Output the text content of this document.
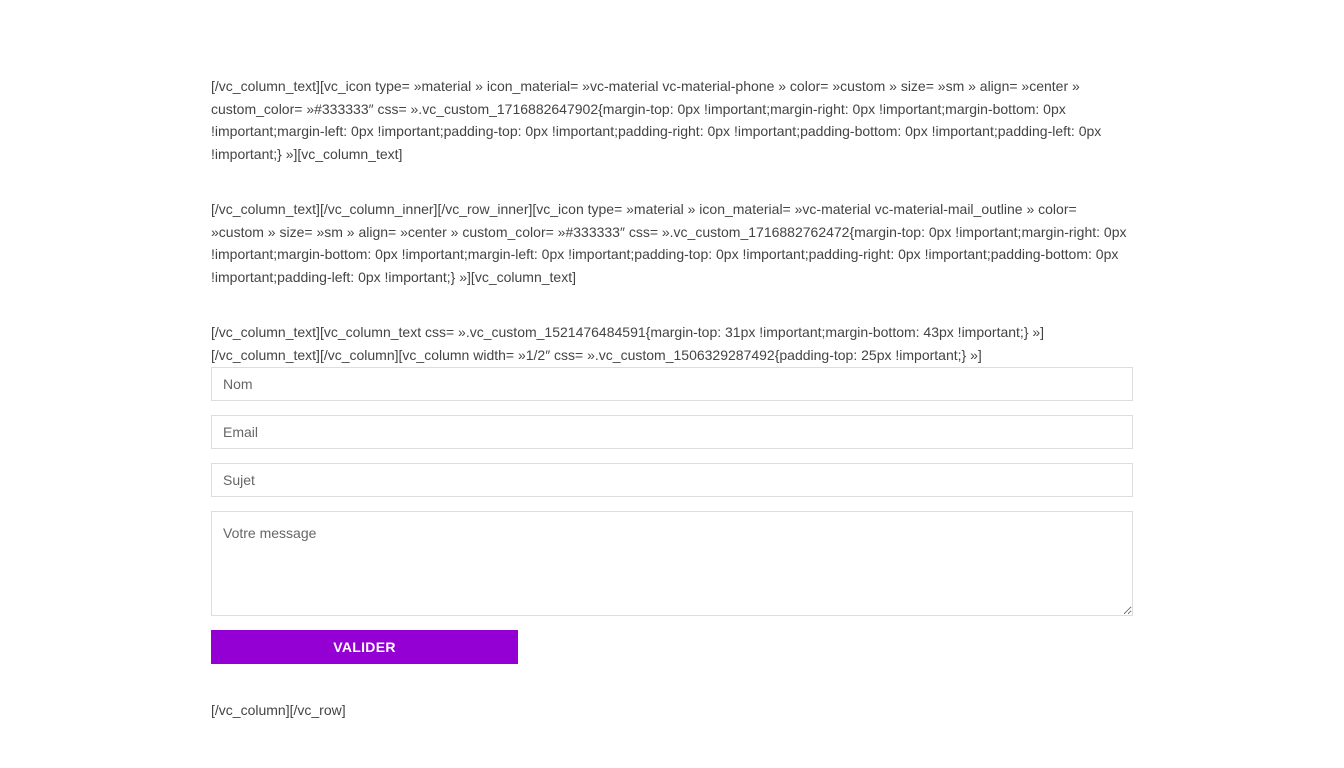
[/vc_column_text][vc_icon type= »material » icon_material= »vc-material vc-material-phone » color= »custom » size= »sm » align= »center » custom_color= »#333333″ css= ».vc_custom_1716882647902{margin-top: 0px !important;margin-right: 0px !important;margin-bottom: 0px !important;margin-left: 0px !important;padding-top: 0px !important;padding-right: 0px !important;padding-bottom: 0px !important;padding-left: 0px !important;} »][vc_column_text]

[/vc_column_text][/vc_column_inner][/vc_row_inner][vc_icon type= »material » icon_material= »vc-material vc-material-mail_outline » color= »custom » size= »sm » align= »center » custom_color= »#333333″ css= ».vc_custom_1716882762472{margin-top: 0px !important;margin-right: 0px !important;margin-bottom: 0px !important;margin-left: 0px !important;padding-top: 0px !important;padding-right: 0px !important;padding-bottom: 0px !important;padding-left: 0px !important;} »][vc_column_text]

[/vc_column_text][vc_column_text css= ».vc_custom_1521476484591{margin-top: 31px !important;margin-bottom: 43px !important;} »][/vc_column_text][/vc_column][vc_column width= »1/2″ css= ».vc_custom_1506329287492{padding-top: 25px !important;} »]

Nom
Email
Sujet
Votre message
VALIDER

[/vc_column][/vc_row]
